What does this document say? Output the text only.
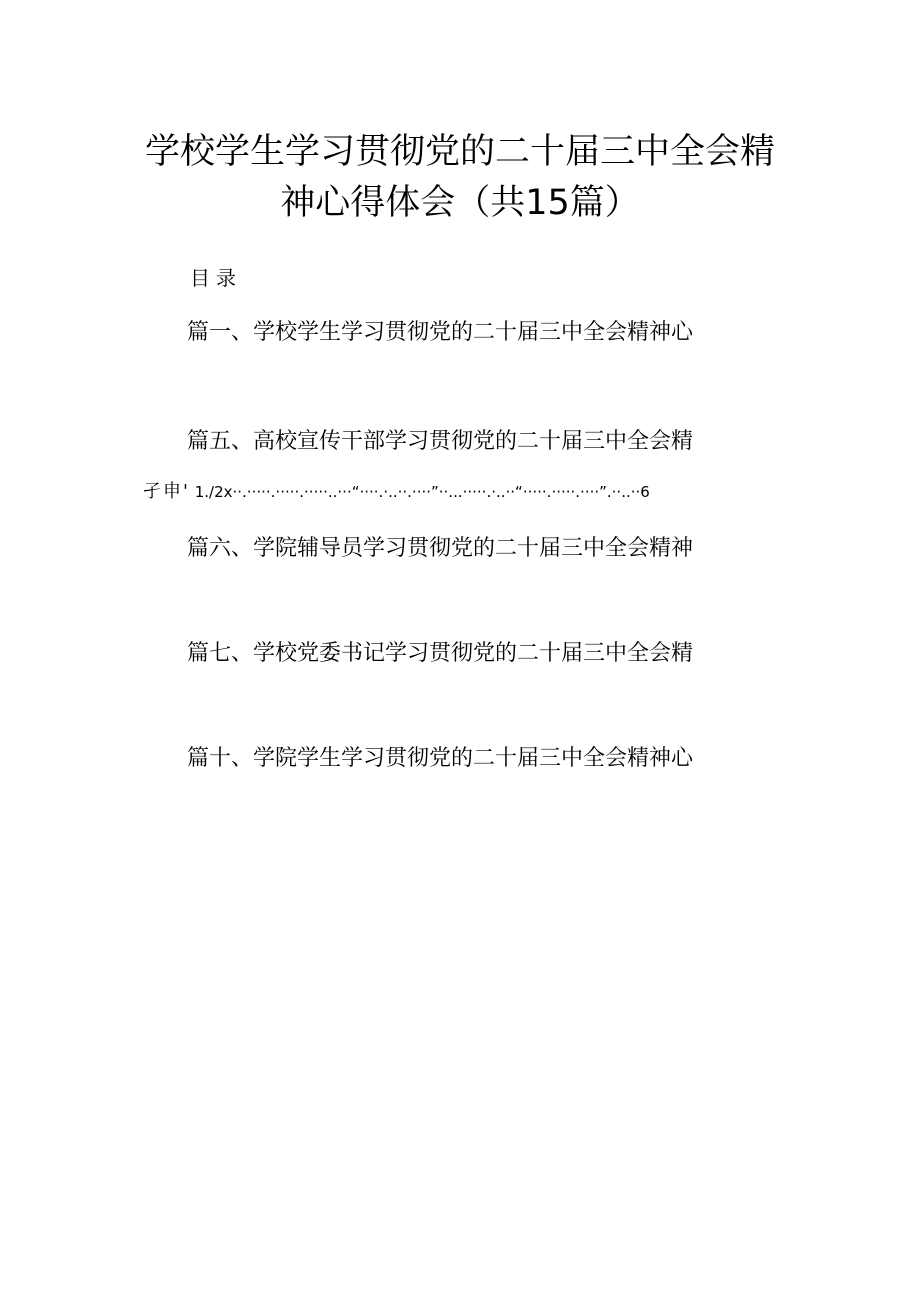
学校学生学习贯彻党的二十届三中全会精
神心得体会（共15篇）
目录
篇一、学校学生学习贯彻党的二十届三中全会精神心
篇五、高校宣传干部学习贯彻党的二十届三中全会精
孑申' 1./2x··.·····.·····.·····..···“····.·..··.····”··...·····.·..··“·····.·····.····”.··..··6
篇六、学院辅导员学习贯彻党的二十届三中全会精神
篇七、学校党委书记学习贯彻党的二十届三中全会精
篇十、学院学生学习贯彻党的二十届三中全会精神心
